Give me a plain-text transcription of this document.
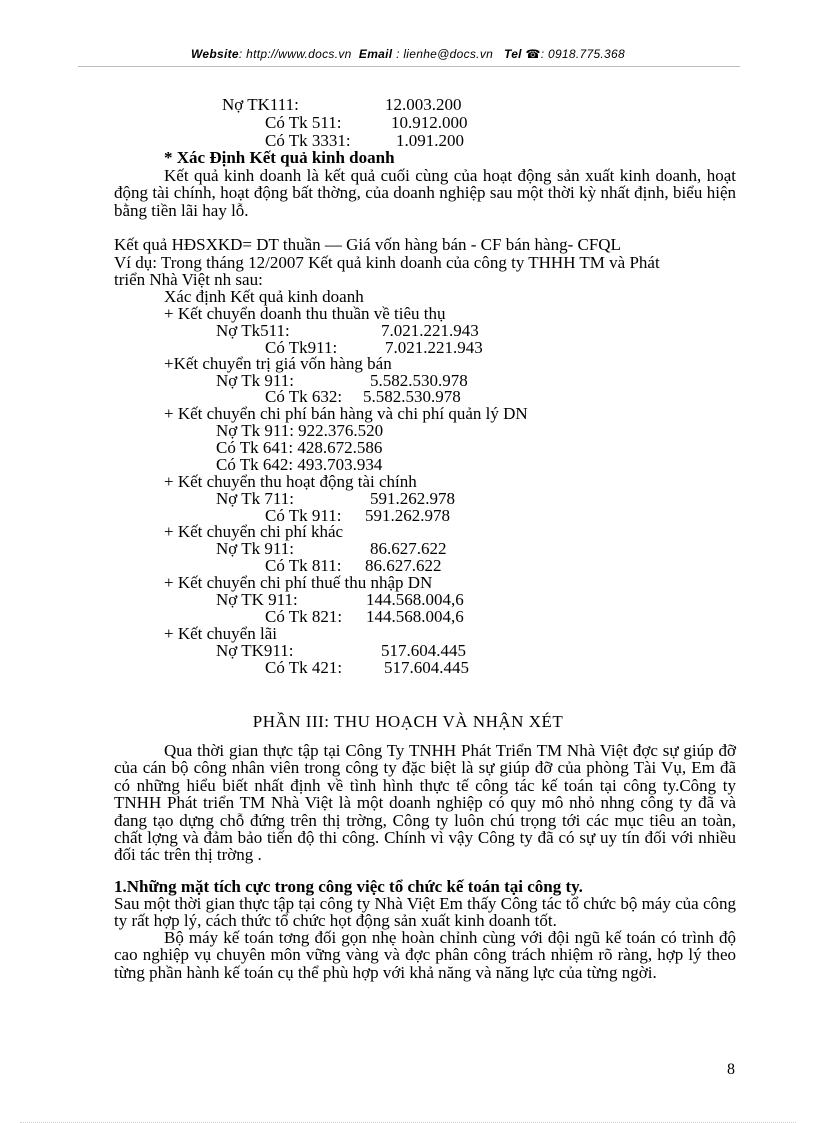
Website: http://www.docs.vn Email : lienhe@docs.vn Tel ☎: 0918.775.368
Nợ TK111:	12.003.200
Có Tk 511:	10.912.000
Có Tk 3331:	1.091.200
* Xác Định Kết quả kinh doanh

Kết quả kinh doanh là kết quả cuối cùng của hoạt động sản xuất kinh doanh, hoạt động tài chính, hoạt động bất thờng, của doanh nghiệp sau một thời kỳ nhất định, biểu hiện bằng tiền lãi hay lỗ.

Kết quả HĐSXKD= DT thuần — Giá vốn hàng bán - CF bán hàng- CFQL
Ví dụ: Trong tháng 12/2007 Kết quả kinh doanh của công ty THHH TM và Phát
triển Nhà Việt nh sau:
Xác định Kết quả kinh doanh
+ Kết chuyển doanh thu thuần về tiêu thụ
Nợ Tk511:	7.021.221.943
Có Tk911:	7.021.221.943
+Kết chuyển trị giá vốn hàng bán
Nợ Tk 911:	5.582.530.978
Có Tk 632: 5.582.530.978
+ Kết chuyển chi phí bán hàng và chi phí quản lý DN
Nợ Tk 911: 922.376.520
Có Tk 641: 428.672.586
Có Tk 642: 493.703.934
+ Kết chuyển thu hoạt động tài chính
Nợ Tk 711:	591.262.978
Có Tk 911: 591.262.978
+ Kết chuyển chi phí khác
Nợ Tk 911:	86.627.622
Có Tk 811: 86.627.622
+ Kết chuyển chi phí thuế thu nhập DN
Nợ TK 911:	144.568.004,6
Có Tk 821: 144.568.004,6
+ Kết chuyển lãi
Nợ TK911:	517.604.445
Có Tk 421: 517.604.445
PHẦN III: THU HOẠCH VÀ NHẬN XÉT

Qua thời gian thực tập tại Công Ty TNHH Phát Triển TM Nhà Việt đợc sự giúp đỡ của cán bộ công nhân viên trong công ty đặc biệt là sự giúp đỡ của phòng Tài Vụ, Em đã có những hiểu biết nhất định về tình hình thực tế công tác kế toán tại công ty.Công ty TNHH Phát triển TM Nhà Việt là một doanh nghiệp có quy mô nhỏ nhng công ty đã và đang tạo dựng chỗ đứng trên thị trờng, Công ty luôn chú trọng tới các mục tiêu an toàn, chất lợng và đảm bảo tiến độ thi công. Chính vì vậy Công ty đã có sự uy tín đối với nhiều đối tác trên thị trờng .

1.Những mặt tích cực trong công việc tổ chức kế toán tại công ty.

Sau một thời gian thực tập tại công ty Nhà Việt Em thấy Công tác tổ chức bộ máy của công ty rất hợp lý, cách thức tổ chức họt động sản xuất kinh doanh tốt.

Bộ máy kế toán tơng đối gọn nhẹ hoàn chỉnh cùng với đội ngũ kế toán có trình độ cao nghiệp vụ chuyên môn vững vàng và đợc phân công trách nhiệm rõ ràng, hợp lý theo từng phần hành kế toán cụ thể phù hợp với khả năng và năng lực của từng ngời.

8
